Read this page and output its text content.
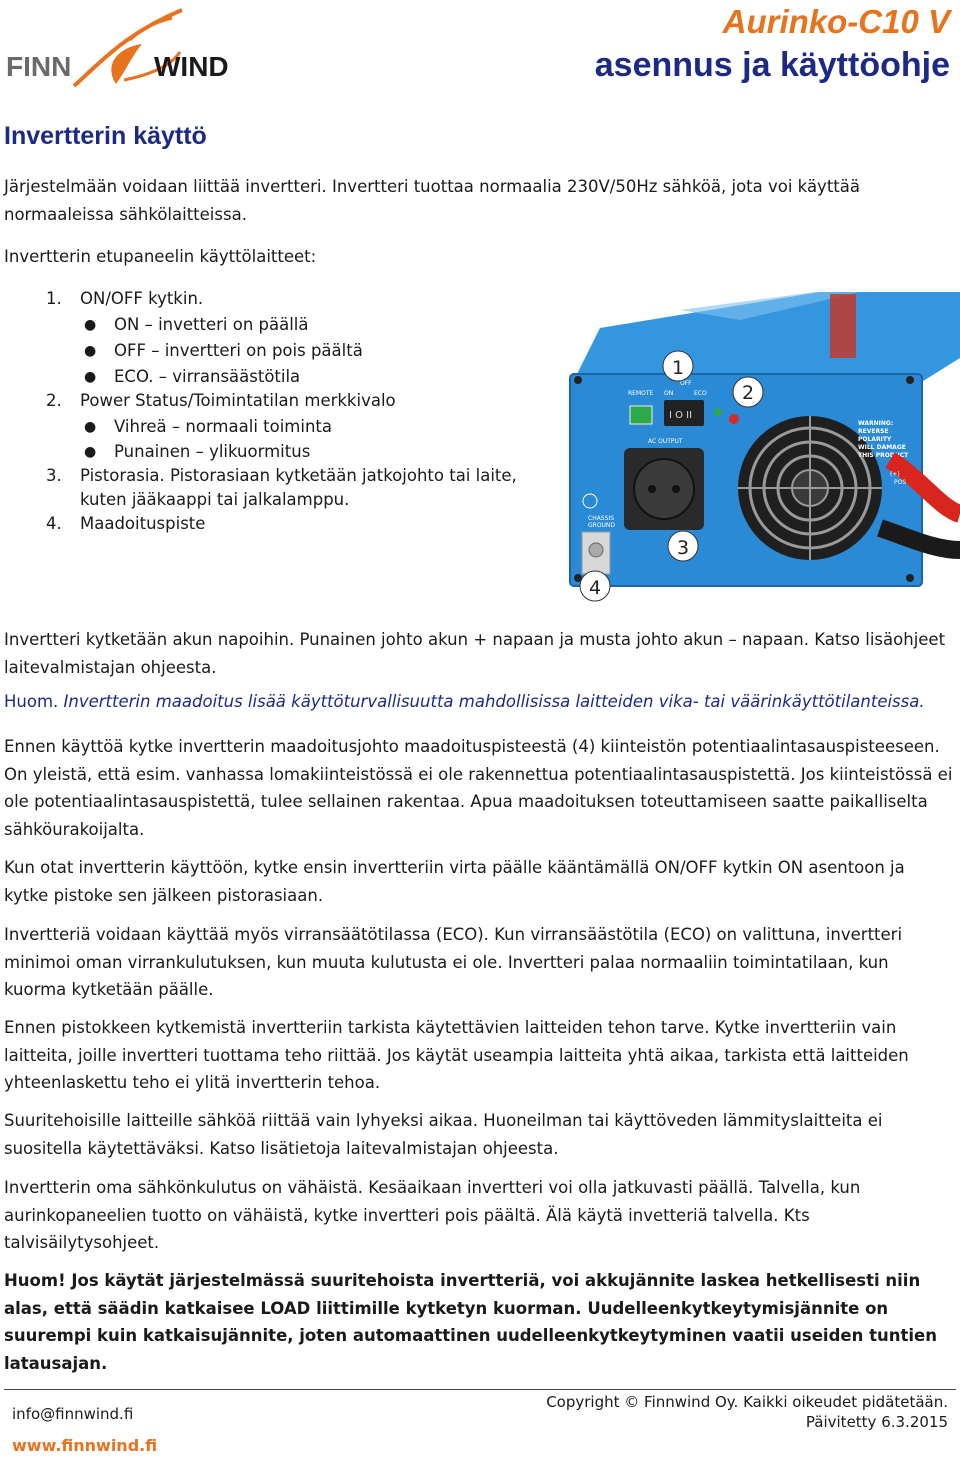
FINN	WIND
Aurinko-C10 V
asennus ja käyttöohje
Invertterin käyttö

Järjestelmään voidaan liittää invertteri. Invertteri tuottaa normaalia 230V/50Hz sähköä, jota voi käyttää normaaleissa sähkölaitteissa.

Invertterin etupaneelin käyttölaitteet:

1. ON/OFF kytkin.
● ON – invetteri on päällä
● OFF – invertteri on pois päältä
● ECO. – virransäästötila
2. Power Status/Toimintatilan merkkivalo
● Vihreä – normaali toiminta
● Punainen – ylikuormitus
3. Pistorasia. Pistorasiaan kytketään jatkojohto tai laite,
kuten jääkaappi tai jalkalamppu.
4. Maadoituspiste
REMOTE ON
OFF
ECO
I O II
AC OUTPUT
CHASSIS
GROUND
WARNING:
REVERSE
POLARITY
WILL DAMAGE
THIS PRODUCT
(+)
POS
1
2
3
4

Invertteri kytketään akun napoihin. Punainen johto akun + napaan ja musta johto akun – napaan. Katso lisäohjeet laitevalmistajan ohjeesta.

Huom. Invertterin maadoitus lisää käyttöturvallisuutta mahdollisissa laitteiden vika- tai väärinkäyttötilanteissa.

Ennen käyttöä kytke invertterin maadoitusjohto maadoituspisteestä (4) kiinteistön potentiaalintasauspisteeseen. On yleistä, että esim. vanhassa lomakiinteistössä ei ole rakennettua potentiaalintasauspistettä. Jos kiinteistössä ei ole potentiaalintasauspistettä, tulee sellainen rakentaa. Apua maadoituksen toteuttamiseen saatte paikalliselta sähköurakoijalta.

Kun otat invertterin käyttöön, kytke ensin invertteriin virta päälle kääntämällä ON/OFF kytkin ON asentoon ja kytke pistoke sen jälkeen pistorasiaan.

Invertteriä voidaan käyttää myös virransäätötilassa (ECO). Kun virransäästötila (ECO) on valittuna, invertteri minimoi oman virrankulutuksen, kun muuta kulutusta ei ole. Invertteri palaa normaaliin toimintatilaan, kun kuorma kytketään päälle.

Ennen pistokkeen kytkemistä invertteriin tarkista käytettävien laitteiden tehon tarve. Kytke invertteriin vain laitteita, joille invertteri tuottama teho riittää. Jos käytät useampia laitteita yhtä aikaa, tarkista että laitteiden yhteenlaskettu teho ei ylitä invertterin tehoa.

Suuritehoisille laitteille sähköä riittää vain lyhyeksi aikaa. Huoneilman tai käyttöveden lämmityslaitteita ei suositella käytettäväksi. Katso lisätietoja laitevalmistajan ohjeesta.

Invertterin oma sähkönkulutus on vähäistä. Kesäaikaan invertteri voi olla jatkuvasti päällä. Talvella, kun aurinkopaneelien tuotto on vähäistä, kytke invertteri pois päältä. Älä käytä invetteriä talvella. Kts talvisäilytysohjeet.

Huom! Jos käytät järjestelmässä suuritehoista invertteriä, voi akkujännite laskea hetkellisesti niin alas, että säädin katkaisee LOAD liittimille kytketyn kuorman. Uudelleenkytkeytymisjännite on suurempi kuin katkaisujännite, joten automaattinen uudelleenkytkeytyminen vaatii useiden tuntien latausajan.

info@finnwind.fi
www.finnwind.fi
Copyright © Finnwind Oy. Kaikki oikeudet pidätetään.
Päivitetty 6.3.2015
